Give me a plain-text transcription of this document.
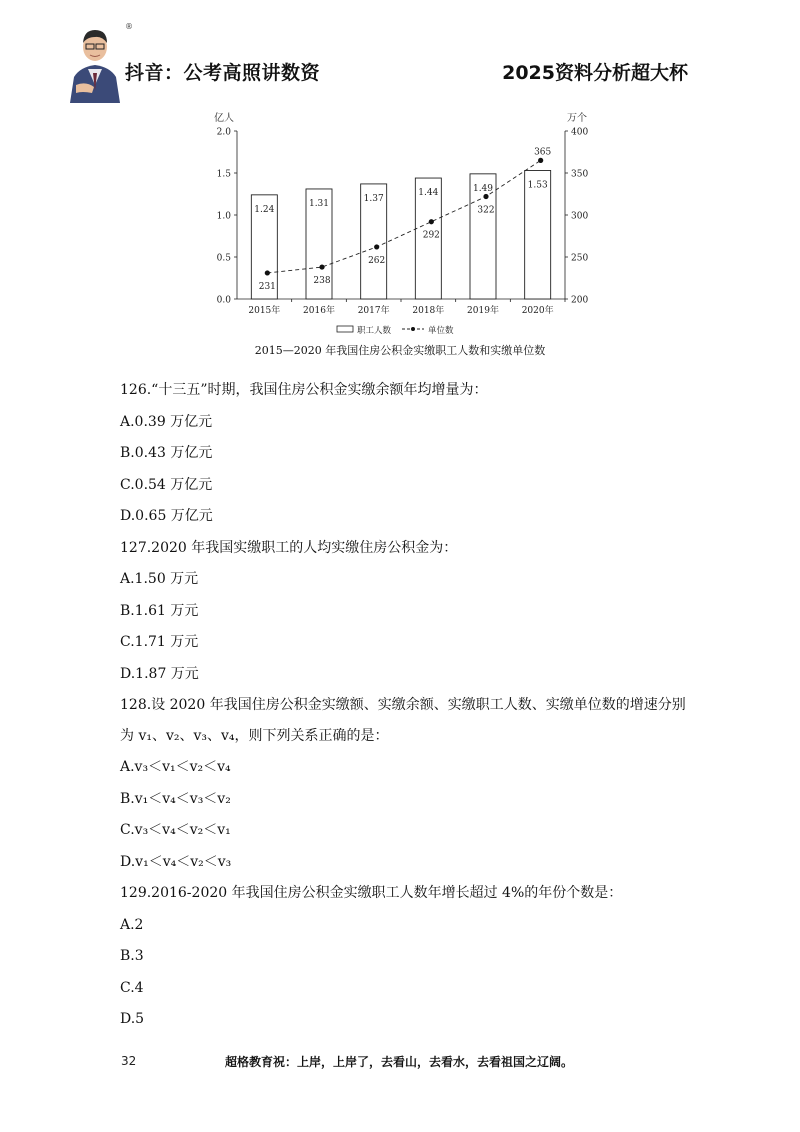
®
抖音：公考高照讲数资	2025资料分析超大杯
亿人	万个
0.0
0.5
1.0
1.5
2.0
200
250
300
350
400
1.24
1.31
1.37
1.44	1.49	1.53
231
238
262
292
322
365
2015年	2016年	2017年	2018年	2019年	2020年
职工人数	单位数
2015—2020 年我国住房公积金实缴职工人数和实缴单位数
126.“十三五”时期，我国住房公积金实缴余额年均增量为：
A.0.39 万亿元
B.0.43 万亿元
C.0.54 万亿元
D.0.65 万亿元
127.2020 年我国实缴职工的人均实缴住房公积金为：
A.1.50 万元
B.1.61 万元
C.1.71 万元
D.1.87 万元
128.设 2020 年我国住房公积金实缴额、实缴余额、实缴职工人数、实缴单位数的增速分别
为 v₁、v₂、v₃、v₄，则下列关系正确的是：
A.v₃＜v₁＜v₂＜v₄
B.v₁＜v₄＜v₃＜v₂
C.v₃＜v₄＜v₂＜v₁
D.v₁＜v₄＜v₂＜v₃
129.2016-2020 年我国住房公积金实缴职工人数年增长超过 4%的年份个数是：
A.2
B.3
C.4
D.5
32	超格教育祝：上岸，上岸了，去看山，去看水，去看祖国之辽阔。
